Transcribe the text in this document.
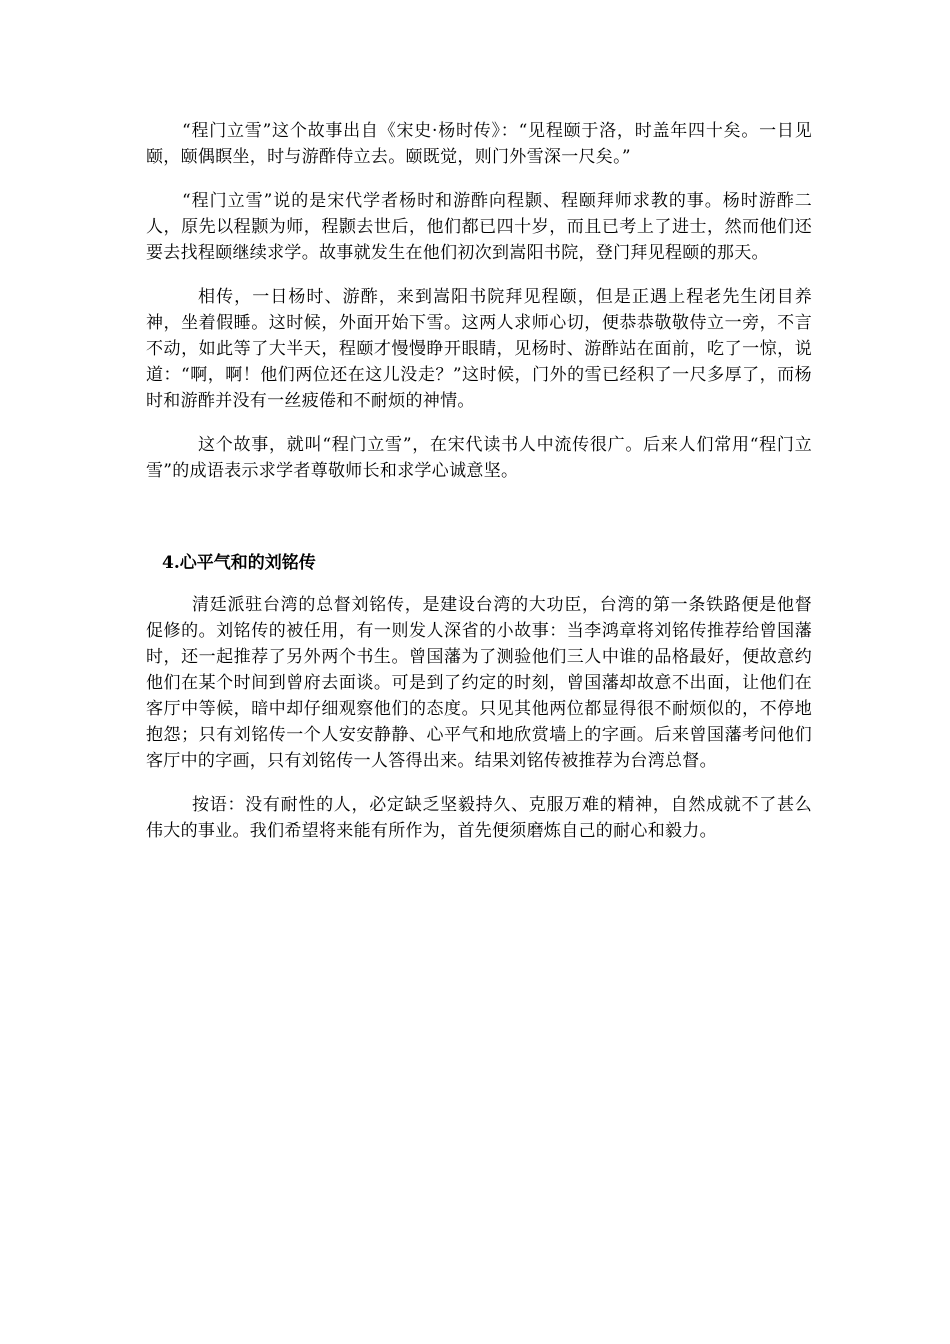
“程门立雪”这个故事出自《宋史·杨时传》：“见程颐于洛，时盖年四十矣。一日见颐，颐偶瞑坐，时与游酢侍立去。颐既觉，则门外雪深一尺矣。”

“程门立雪”说的是宋代学者杨时和游酢向程颢、程颐拜师求教的事。杨时游酢二人，原先以程颢为师，程颢去世后，他们都已四十岁，而且已考上了进士，然而他们还要去找程颐继续求学。故事就发生在他们初次到嵩阳书院，登门拜见程颐的那天。

相传，一日杨时、游酢，来到嵩阳书院拜见程颐，但是正遇上程老先生闭目养神，坐着假睡。这时候，外面开始下雪。这两人求师心切，便恭恭敬敬侍立一旁，不言不动，如此等了大半天，程颐才慢慢睁开眼睛，见杨时、游酢站在面前，吃了一惊，说道：“啊，啊！他们两位还在这儿没走？”这时候，门外的雪已经积了一尺多厚了，而杨时和游酢并没有一丝疲倦和不耐烦的神情。

这个故事，就叫“程门立雪”，在宋代读书人中流传很广。后来人们常用“程门立雪”的成语表示求学者尊敬师长和求学心诚意坚。

4.心平气和的刘铭传

清廷派驻台湾的总督刘铭传，是建设台湾的大功臣，台湾的第一条铁路便是他督促修的。刘铭传的被任用，有一则发人深省的小故事：当李鸿章将刘铭传推荐给曾国藩时，还一起推荐了另外两个书生。曾国藩为了测验他们三人中谁的品格最好，便故意约他们在某个时间到曾府去面谈。可是到了约定的时刻，曾国藩却故意不出面，让他们在客厅中等候，暗中却仔细观察他们的态度。只见其他两位都显得很不耐烦似的，不停地抱怨；只有刘铭传一个人安安静静、心平气和地欣赏墙上的字画。后来曾国藩考问他们客厅中的字画，只有刘铭传一人答得出来。结果刘铭传被推荐为台湾总督。

按语：没有耐性的人，必定缺乏坚毅持久、克服万难的精神，自然成就不了甚么伟大的事业。我们希望将来能有所作为，首先便须磨炼自己的耐心和毅力。
